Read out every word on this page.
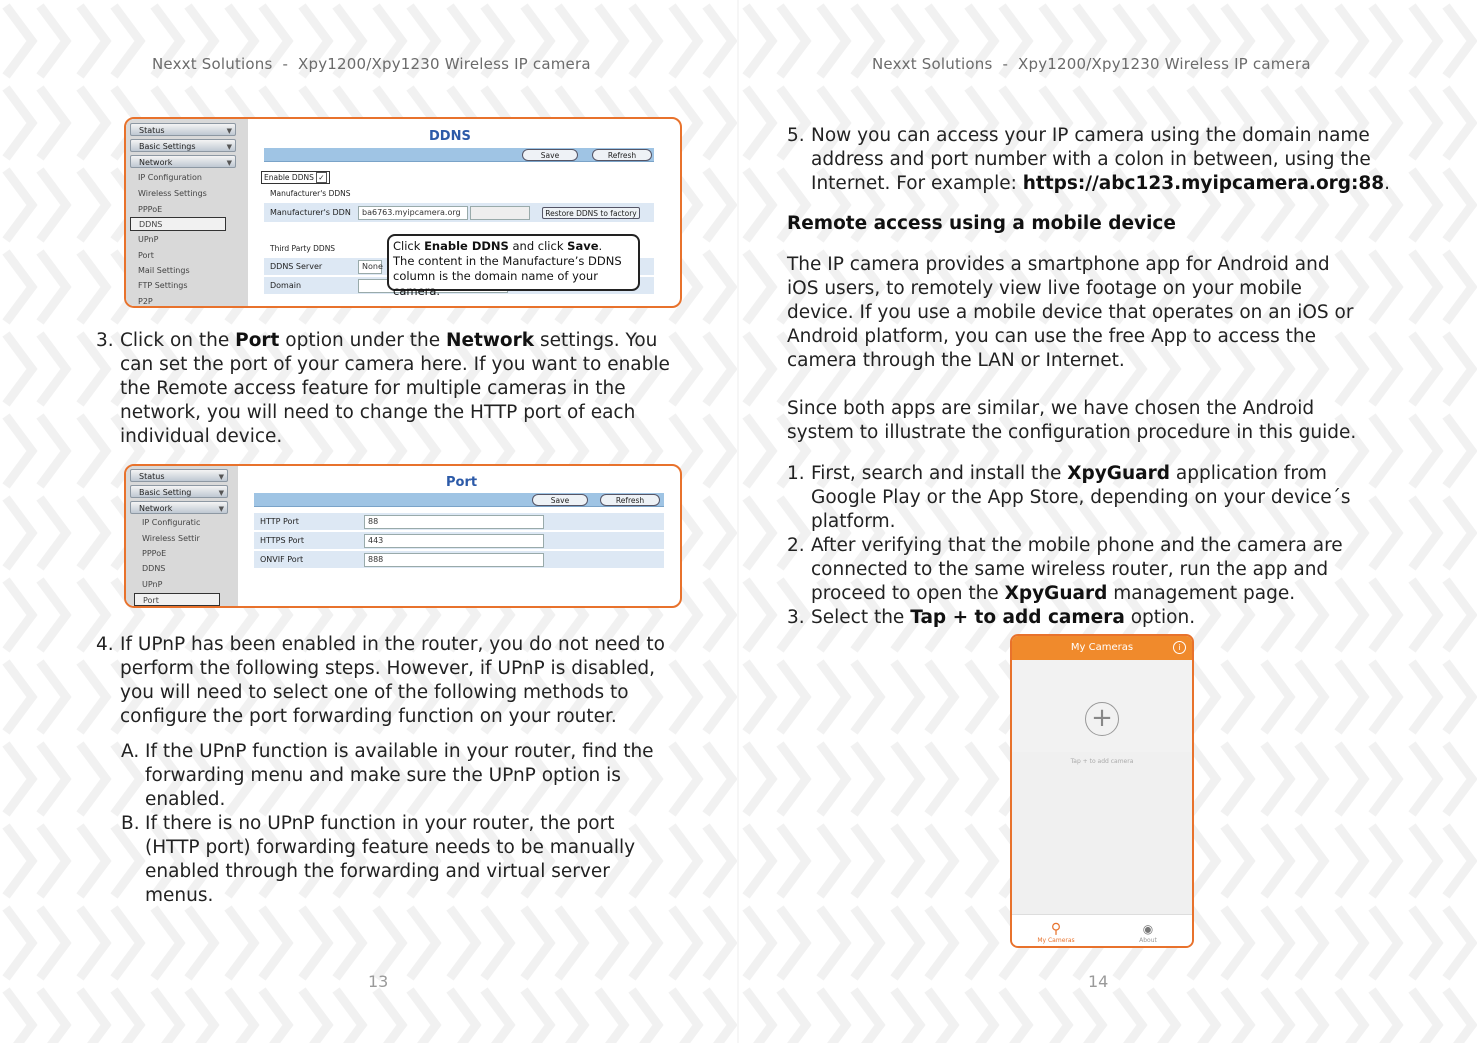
Nexxt Solutions - Xpy1200/Xpy1230 Wireless IP camera
Status	▼
Basic Settings	▼
Network	▼
IP Configuration
Wireless Settings
PPPoE
DDNS
UPnP
Port
Mail Settings
FTP Settings
P2P
DDNS
Save	Refresh
Enable DDNS ✓
Manufacturer's DDNS
Manufacturer's DDN	ba6763.myipcamera.org	Restore DDNS to factory
Third Party DDNS
DDNS Server	None
Domain
Click Enable DDNS and click Save.
The content in the Manufacture’s DDNS
column is the domain name of your camera.
3. Click on the Port option under the Network settings. You
can set the port of your camera here. If you want to enable
the Remote access feature for multiple cameras in the
network, you will need to change the HTTP port of each
individual device.
Status	▼
Basic Setting	▼
Network	▼
IP Configuratic
Wireless Settir
PPPoE
DDNS
UPnP
Port
Port
Save	Refresh
HTTP Port	88
HTTPS Port	443
ONVIF Port	888
4. If UPnP has been enabled in the router, you do not need to
perform the following steps. However, if UPnP is disabled,
you will need to select one of the following methods to
configure the port forwarding function on your router.
A. If the UPnP function is available in your router, find the
forwarding menu and make sure the UPnP option is
enabled.
B. If there is no UPnP function in your router, the port
(HTTP port) forwarding feature needs to be manually
enabled through the forwarding and virtual server
menus.
13
Nexxt Solutions - Xpy1200/Xpy1230 Wireless IP camera
5. Now you can access your IP camera using the domain name
address and port number with a colon in between, using the
Internet. For example: https://abc123.myipcamera.org:88.
Remote access using a mobile device
The IP camera provides a smartphone app for Android and
iOS users, to remotely view live footage on your mobile
device. If you use a mobile device that operates on an iOS or
Android platform, you can use the free App to access the
camera through the LAN or Internet.
Since both apps are similar, we have chosen the Android
system to illustrate the configuration procedure in this guide.
1. First, search and install the XpyGuard application from
Google Play or the App Store, depending on your device´s
platform.
2. After verifying that the mobile phone and the camera are
connected to the same wireless router, run the app and
proceed to open the XpyGuard management page.
3. Select the Tap + to add camera option.
My Cameras	i
+
Tap + to add camera
⚲
My Cameras
◉
About
14
